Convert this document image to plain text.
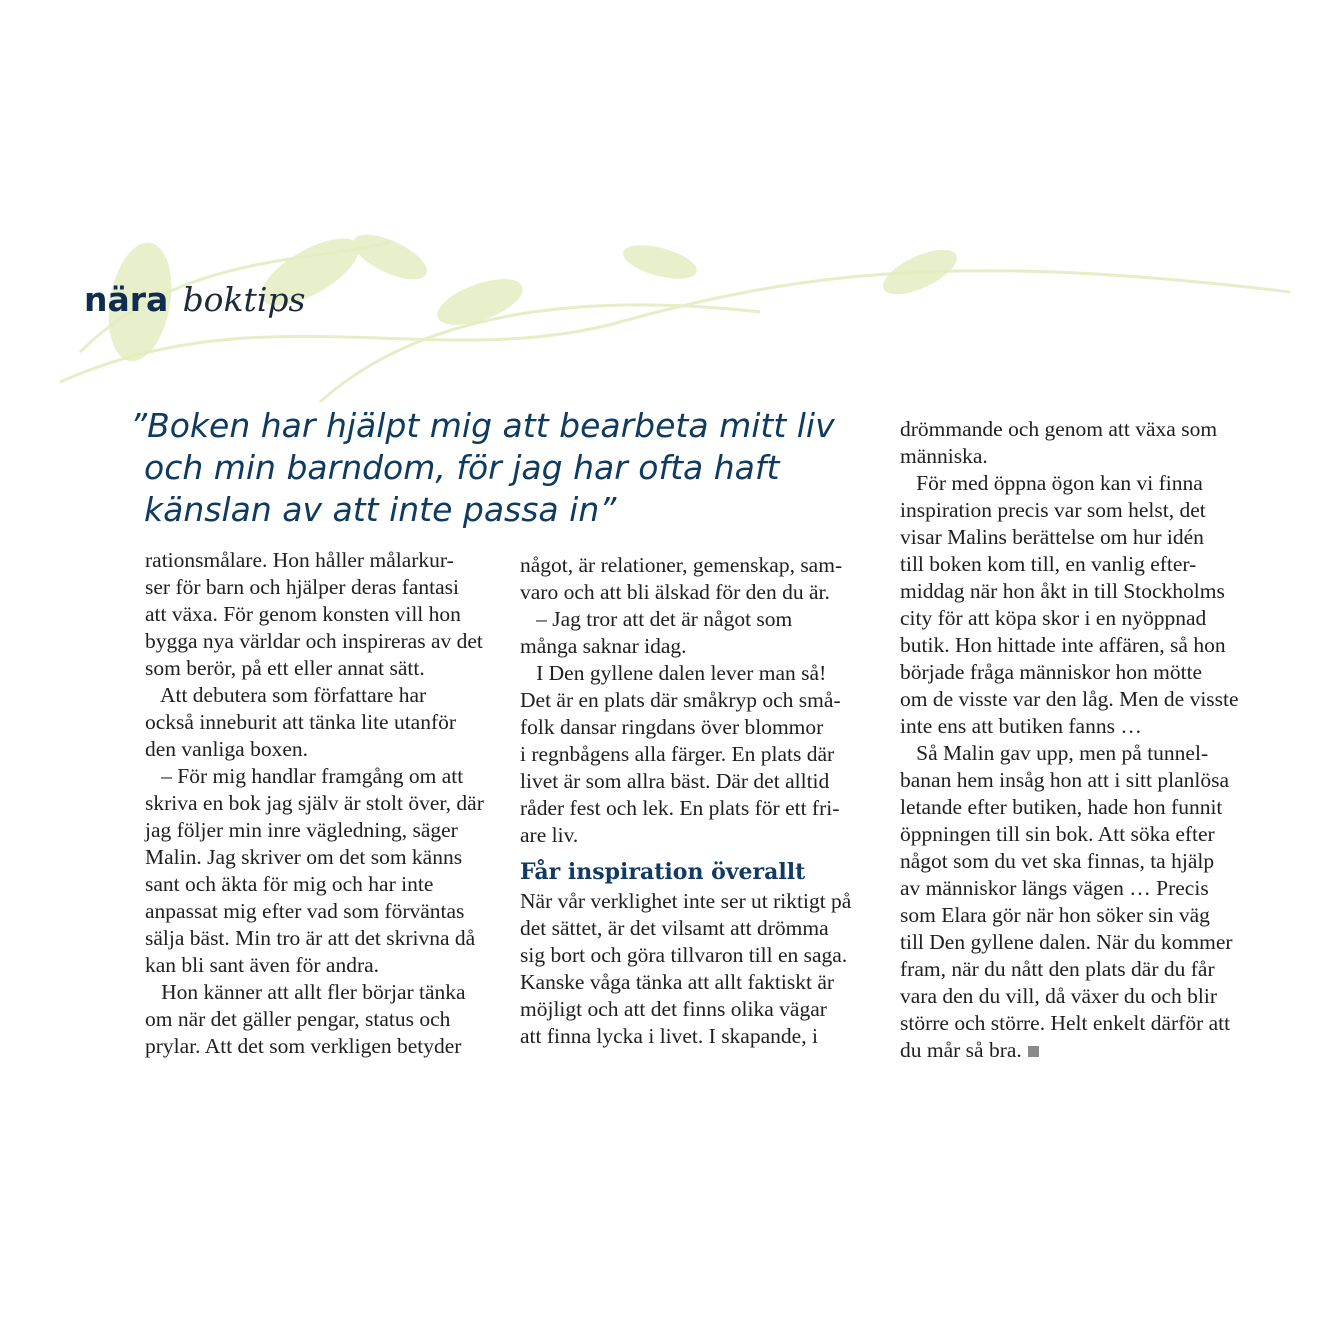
nära boktips
”Boken har hjälpt mig att bearbeta mitt liv
och min barndom, för jag har ofta haft
känslan av att inte passa in”
rationsmålare. Hon håller målarkur-
ser för barn och hjälper deras fantasi
att växa. För genom konsten vill hon
bygga nya världar och inspireras av det
som berör, på ett eller annat sätt.
Att debutera som författare har
också inneburit att tänka lite utanför
den vanliga boxen.
– För mig handlar framgång om att
skriva en bok jag själv är stolt över, där
jag följer min inre vägledning, säger
Malin. Jag skriver om det som känns
sant och äkta för mig och har inte
anpassat mig efter vad som förväntas
sälja bäst. Min tro är att det skrivna då
kan bli sant även för andra.
Hon känner att allt fler börjar tänka
om när det gäller pengar, status och
prylar. Att det som verkligen betyder
något, är relationer, gemenskap, sam-
varo och att bli älskad för den du är.
– Jag tror att det är något som
många saknar idag.
I Den gyllene dalen lever man så!
Det är en plats där småkryp och små-
folk dansar ringdans över blommor
i regnbågens alla färger. En plats där
livet är som allra bäst. Där det alltid
råder fest och lek. En plats för ett fri-
are liv.
Får inspiration överallt
När vår verklighet inte ser ut riktigt på
det sättet, är det vilsamt att drömma
sig bort och göra tillvaron till en saga.
Kanske våga tänka att allt faktiskt är
möjligt och att det finns olika vägar
att finna lycka i livet. I skapande, i
drömmande och genom att växa som
människa.
För med öppna ögon kan vi finna
inspiration precis var som helst, det
visar Malins berättelse om hur idén
till boken kom till, en vanlig efter-
middag när hon åkt in till Stockholms
city för att köpa skor i en nyöppnad
butik. Hon hittade inte affären, så hon
började fråga människor hon mötte
om de visste var den låg. Men de visste
inte ens att butiken fanns …
Så Malin gav upp, men på tunnel-
banan hem insåg hon att i sitt planlösa
letande efter butiken, hade hon funnit
öppningen till sin bok. Att söka efter
något som du vet ska finnas, ta hjälp
av människor längs vägen … Precis
som Elara gör när hon söker sin väg
till Den gyllene dalen. När du kommer
fram, när du nått den plats där du får
vara den du vill, då växer du och blir
större och större. Helt enkelt därför att
du mår så bra.
